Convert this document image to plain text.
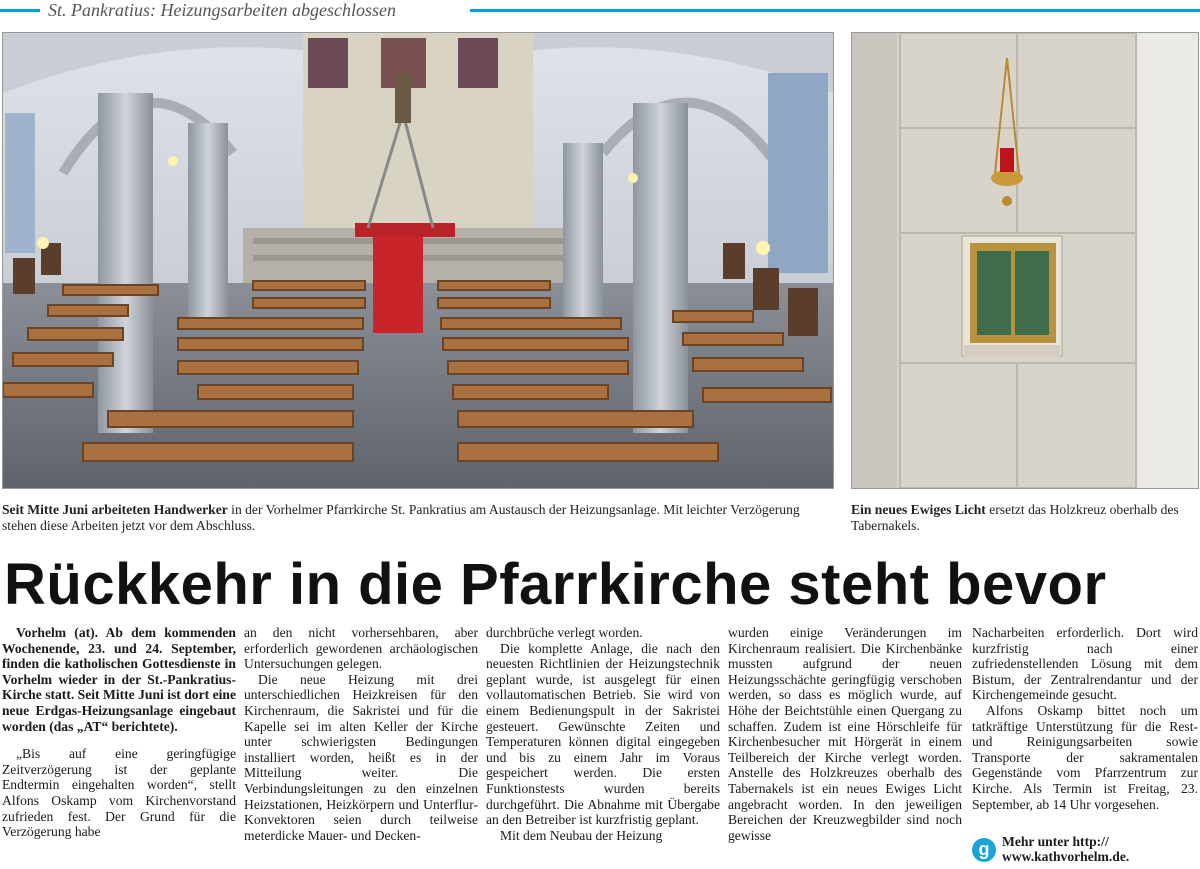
St. Pankratius: Heizungsarbeiten abgeschlossen
Seit Mitte Juni arbeiteten Handwerker in der Vorhelmer Pfarrkirche St. Pankratius am Austausch der Heizungsanlage. Mit leichter Verzögerung stehen diese Arbeiten jetzt vor dem Abschluss.
Ein neues Ewiges Licht ersetzt das Holzkreuz oberhalb des Tabernakels.
Rückkehr in die Pfarrkirche steht bevor

Vorhelm (at). Ab dem kommenden Wochenende, 23. und 24. September, finden die katholischen Gottesdienste in Vorhelm wieder in der St.-Pankratius-Kirche statt. Seit Mitte Juni ist dort eine neue Erdgas-Heizungsanlage eingebaut worden (das „AT“ berichtete).

„Bis auf eine geringfügige Zeitverzögerung ist der geplante Endtermin eingehalten worden“, stellt Alfons Oskamp vom Kirchenvorstand zufrieden fest. Der Grund für die Verzögerung habe

an den nicht vorhersehbaren, aber erforderlich gewordenen archäologischen Untersuchungen gelegen.

Die neue Heizung mit drei unterschiedlichen Heizkreisen für den Kirchenraum, die Sakristei und für die Kapelle sei im alten Keller der Kirche unter schwierigsten Bedingungen installiert worden, heißt es in der Mitteilung weiter. Die Verbindungsleitungen zu den einzelnen Heizstationen, Heizkörpern und Unterflur-Konvektoren seien durch teilweise meterdicke Mauer- und Decken-

durchbrüche verlegt worden.

Die komplette Anlage, die nach den neuesten Richtlinien der Heizungstechnik geplant wurde, ist ausgelegt für einen vollautomatischen Betrieb. Sie wird von einem Bedienungspult in der Sakristei gesteuert. Gewünschte Zeiten und Temperaturen können digital eingegeben und bis zu einem Jahr im Voraus gespeichert werden. Die ersten Funktionstests wurden bereits durchgeführt. Die Abnahme mit Übergabe an den Betreiber ist kurzfristig geplant.

Mit dem Neubau der Heizung

wurden einige Veränderungen im Kirchenraum realisiert. Die Kirchenbänke mussten aufgrund der neuen Heizungsschächte geringfügig verschoben werden, so dass es möglich wurde, auf Höhe der Beichtstühle einen Quergang zu schaffen. Zudem ist eine Hörschleife für Kirchenbesucher mit Hörgerät in einem Teilbereich der Kirche verlegt worden. Anstelle des Holzkreuzes oberhalb des Tabernakels ist ein neues Ewiges Licht angebracht worden. In den jeweiligen Bereichen der Kreuzwegbilder sind noch gewisse

Nacharbeiten erforderlich. Dort wird kurzfristig nach einer zufriedenstellenden Lösung mit dem Bistum, der Zentralrendantur und der Kirchengemeinde gesucht.

Alfons Oskamp bittet noch um tatkräftige Unterstützung für die Rest- und Reinigungsarbeiten sowie Transporte der sakramentalen Gegenstände vom Pfarrzentrum zur Kirche. Als Termin ist Freitag, 23. September, ab 14 Uhr vorgesehen.

g Mehr unter http://
www.kathvorhelm.de.
